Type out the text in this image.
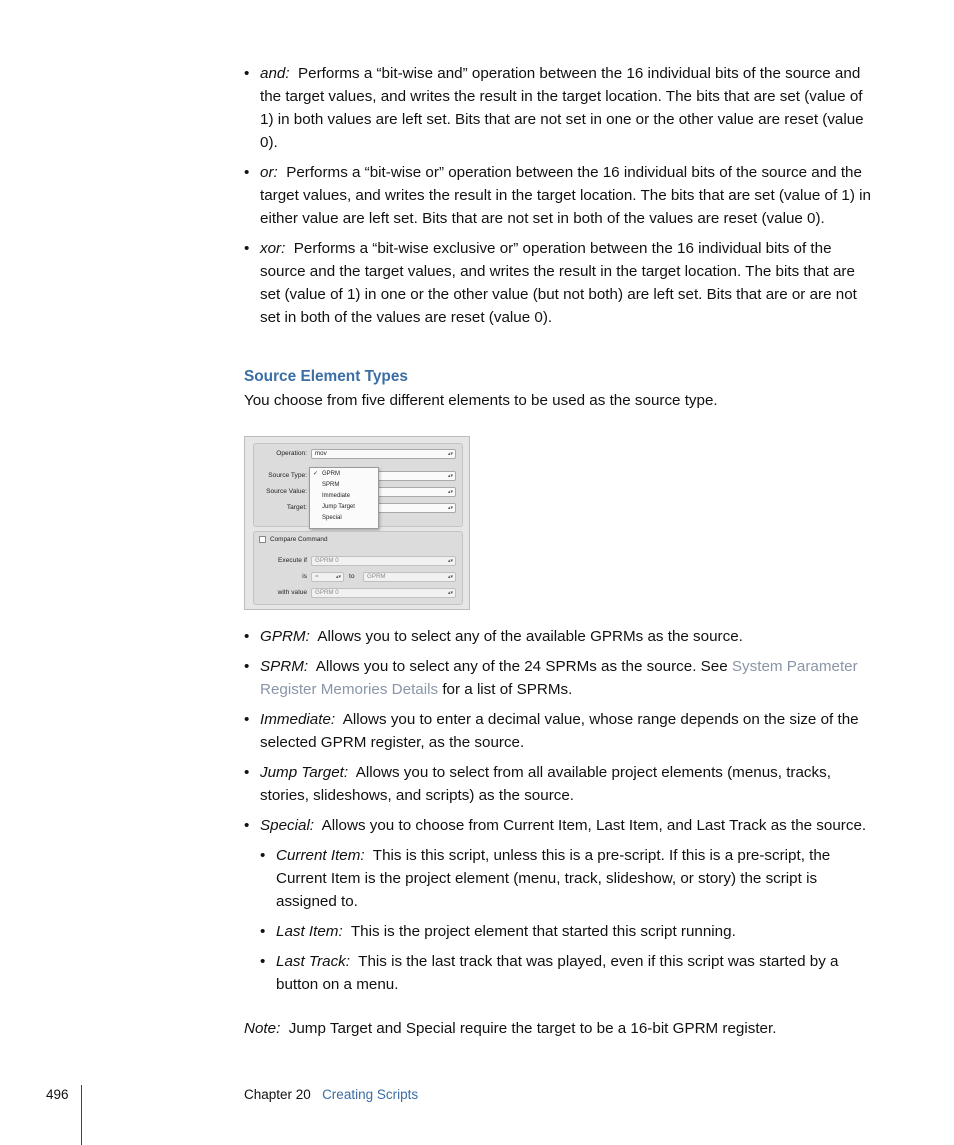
• and: Performs a “bit-wise and” operation between the 16 individual bits of the source and the target values, and writes the result in the target location. The bits that are set (value of 1) in both values are left set. Bits that are not set in one or the other value are reset (value 0).
• or: Performs a “bit-wise or” operation between the 16 individual bits of the source and the target values, and writes the result in the target location. The bits that are set (value of 1) in either value are left set. Bits that are not set in both of the values are reset (value 0).
• xor: Performs a “bit-wise exclusive or” operation between the 16 individual bits of the source and the target values, and writes the result in the target location. The bits that are set (value of 1) in one or the other value (but not both) are left set. Bits that are or are not set in both of the values are reset (value 0).
Source Element Types
You choose from five different elements to be used as the source type.
Operation:	mov	▴▾
Source Type:	▴▾
Source Value:	▴▾
Target:	▴▾
✓ GPRM
SPRM
Immediate
Jump Target
Special
Compare Command
Execute if	GPRM 0	▴▾
is	=	▴▾ to	GPRM	▴▾
with value	GPRM 0	▴▾
• GPRM: Allows you to select any of the available GPRMs as the source.
• SPRM: Allows you to select any of the 24 SPRMs as the source. See System Parameter Register Memories Details for a list of SPRMs.
• Immediate: Allows you to enter a decimal value, whose range depends on the size of the selected GPRM register, as the source.
• Jump Target: Allows you to select from all available project elements (menus, tracks, stories, slideshows, and scripts) as the source.
• Special: Allows you to choose from Current Item, Last Item, and Last Track as the source.
• Current Item: This is this script, unless this is a pre-script. If this is a pre-script, the Current Item is the project element (menu, track, slideshow, or story) the script is assigned to.
• Last Item: This is the project element that started this script running.
• Last Track: This is the last track that was played, even if this script was started by a button on a menu.
Note: Jump Target and Special require the target to be a 16-bit GPRM register.
496	Chapter 20 Creating Scripts
